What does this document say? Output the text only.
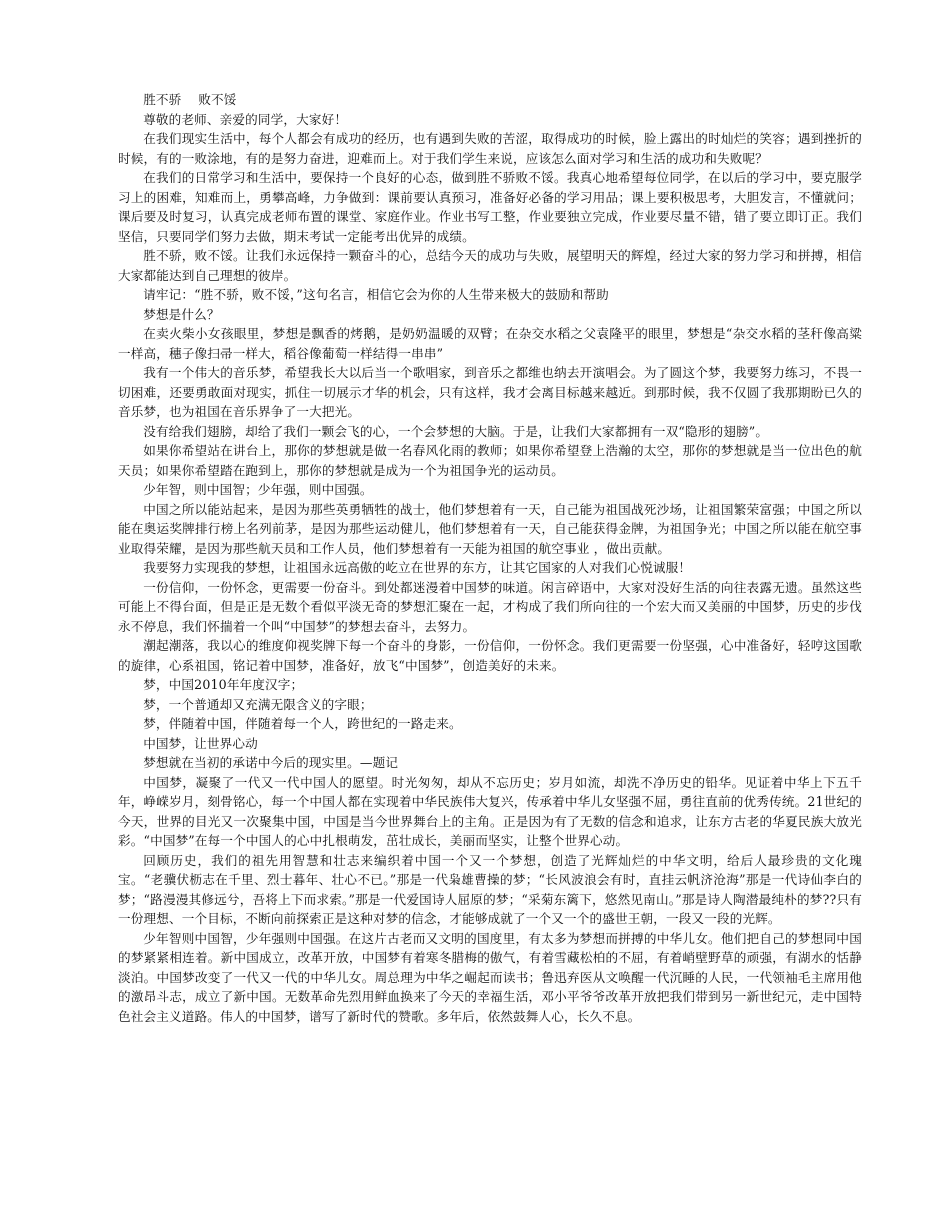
胜不骄　 败不馁

尊敬的老师、亲爱的同学，大家好！

在我们现实生活中，每个人都会有成功的经历，也有遇到失败的苦涩，取得成功的时候，脸上露出的时灿烂的笑容；遇到挫折的时候，有的一败涂地，有的是努力奋进，迎难而上。对于我们学生来说，应该怎么面对学习和生活的成功和失败呢？

在我们的日常学习和生活中，要保持一个良好的心态，做到胜不骄败不馁。我真心地希望每位同学，在以后的学习中，要克服学习上的困难，知难而上，勇攀高峰，力争做到：课前要认真预习，准备好必备的学习用品；课上要积极思考，大胆发言，不懂就问；课后要及时复习，认真完成老师布置的课堂、家庭作业。作业书写工整，作业要独立完成，作业要尽量不错，错了要立即订正。我们坚信，只要同学们努力去做，期末考试一定能考出优异的成绩。

胜不骄，败不馁。让我们永远保持一颗奋斗的心，总结今天的成功与失败，展望明天的辉煌，经过大家的努力学习和拼搏，相信大家都能达到自己理想的彼岸。

请牢记：“胜不骄，败不馁，”这句名言，相信它会为你的人生带来极大的鼓励和帮助

梦想是什么？

在卖火柴小女孩眼里，梦想是飘香的烤鹅，是奶奶温暖的双臂；在杂交水稻之父袁隆平的眼里，梦想是“杂交水稻的茎秆像高粱一样高，穗子像扫帚一样大，稻谷像葡萄一样结得一串串”

我有一个伟大的音乐梦，希望我长大以后当一个歌唱家，到音乐之都维也纳去开演唱会。为了圆这个梦，我要努力练习，不畏一切困难，还要勇敢面对现实，抓住一切展示才华的机会，只有这样，我才会离目标越来越近。到那时候，我不仅圆了我那期盼已久的音乐梦，也为祖国在音乐界争了一大把光。

没有给我们翅膀，却给了我们一颗会飞的心，一个会梦想的大脑。于是，让我们大家都拥有一双“隐形的翅膀”。

如果你希望站在讲台上，那你的梦想就是做一名春风化雨的教师；如果你希望登上浩瀚的太空，那你的梦想就是当一位出色的航天员；如果你希望踏在跑到上，那你的梦想就是成为一个为祖国争光的运动员。

少年智，则中国智；少年强，则中国强。

中国之所以能站起来，是因为那些英勇牺牲的战士，他们梦想着有一天，自己能为祖国战死沙场，让祖国繁荣富强；中国之所以能在奥运奖牌排行榜上名列前茅，是因为那些运动健儿，他们梦想着有一天，自己能获得金牌，为祖国争光；中国之所以能在航空事业取得荣耀，是因为那些航天员和工作人员，他们梦想着有一天能为祖国的航空事业 ，做出贡献。

我要努力实现我的梦想，让祖国永远高傲的屹立在世界的东方，让其它国家的人对我们心悦诚服！

一份信仰，一份怀念，更需要一份奋斗。到处都迷漫着中国梦的味道。闲言碎语中，大家对没好生活的向往表露无遗。虽然这些可能上不得台面，但是正是无数个看似平淡无奇的梦想汇聚在一起，才构成了我们所向往的一个宏大而又美丽的中国梦，历史的步伐永不停息，我们怀揣着一个叫“中国梦”的梦想去奋斗，去努力。

潮起潮落，我以心的维度仰视奖牌下每一个奋斗的身影，一份信仰，一份怀念。我们更需要一份坚强，心中准备好，轻哼这国歌的旋律，心系祖国，铭记着中国梦，准备好，放飞“中国梦”，创造美好的未来。

梦，中国2010年年度汉字；

梦，一个普通却又充满无限含义的字眼；

梦，伴随着中国，伴随着每一个人，跨世纪的一路走来。

中国梦，让世界心动

梦想就在当初的承诺中今后的现实里。—题记

中国梦，凝聚了一代又一代中国人的愿望。时光匆匆，却从不忘历史；岁月如流，却洗不净历史的铅华。见证着中华上下五千年，峥嵘岁月，刻骨铭心，每一个中国人都在实现着中华民族伟大复兴，传承着中华儿女坚强不屈，勇往直前的优秀传统。21世纪的今天，世界的目光又一次聚集中国，中国是当今世界舞台上的主角。正是因为有了无数的信念和追求，让东方古老的华夏民族大放光彩。“中国梦”在每一个中国人的心中扎根萌发，茁壮成长，美丽而坚实，让整个世界心动。

回顾历史，我们的祖先用智慧和壮志来编织着中国一个又一个梦想，创造了光辉灿烂的中华文明，给后人最珍贵的文化瑰宝。“老骥伏枥志在千里、烈士暮年、壮心不已。”那是一代枭雄曹操的梦；“长风波浪会有时，直挂云帆济沧海”那是一代诗仙李白的梦；“路漫漫其修远兮，吾将上下而求索。”那是一代爱国诗人屈原的梦；“采菊东篱下，悠然见南山。”那是诗人陶潜最纯朴的梦??只有一份理想、一个目标，不断向前探索正是这种对梦的信念，才能够成就了一个又一个的盛世王朝，一段又一段的光辉。

少年智则中国智，少年强则中国强。在这片古老而又文明的国度里，有太多为梦想而拼搏的中华儿女。他们把自己的梦想同中国的梦紧紧相连着。新中国成立，改革开放，中国梦有着寒冬腊梅的傲气，有着雪藏松柏的不屈，有着峭壁野草的顽强，有湖水的恬静淡泊。中国梦改变了一代又一代的中华儿女。周总理为中华之崛起而读书；鲁迅弃医从文唤醒一代沉睡的人民，一代领袖毛主席用他的激昂斗志，成立了新中国。无数革命先烈用鲜血换来了今天的幸福生活，邓小平爷爷改革开放把我们带到另一新世纪元，走中国特色社会主义道路。伟人的中国梦，谱写了新时代的赞歌。多年后，依然鼓舞人心，长久不息。
